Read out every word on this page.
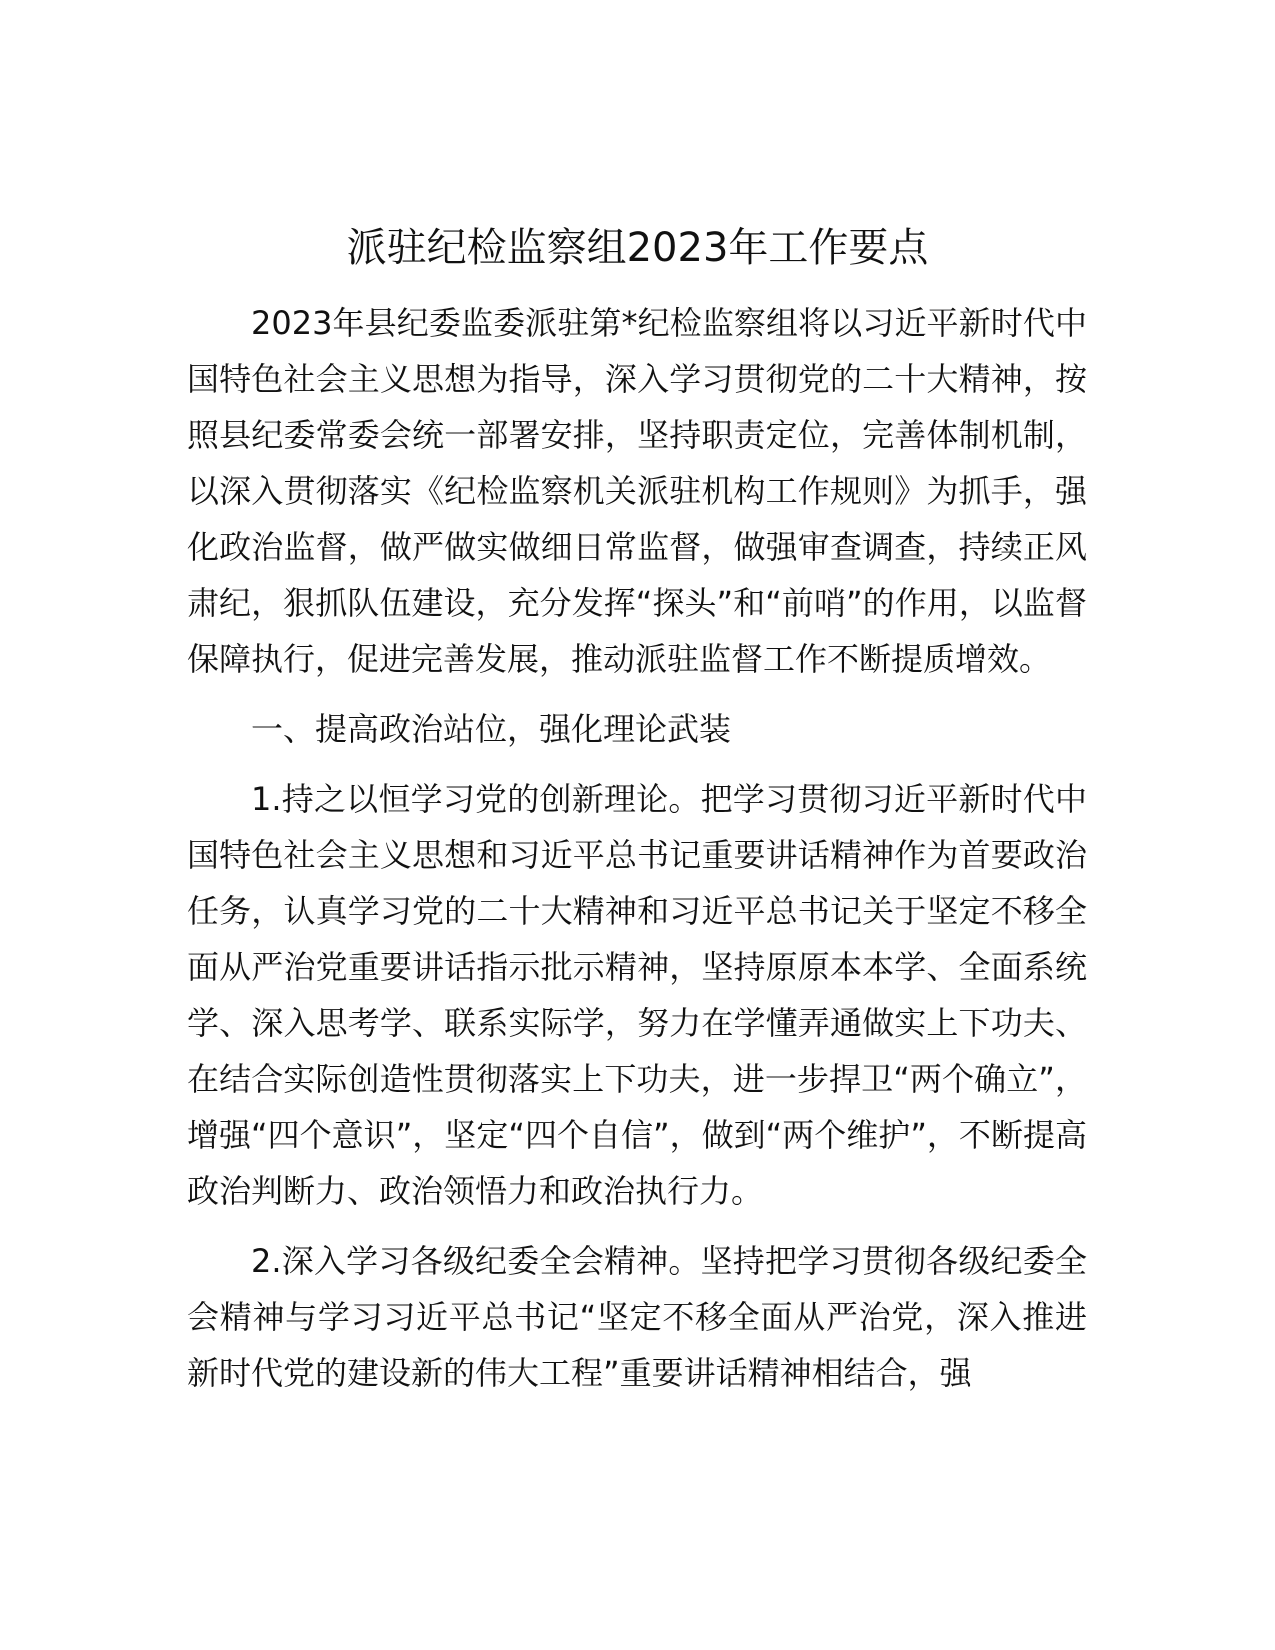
派驻纪检监察组2023年工作要点

2023年县纪委监委派驻第*纪检监察组将以习近平新时代中国特色社会主义思想为指导，深入学习贯彻党的二十大精神，按照县纪委常委会统一部署安排，坚持职责定位，完善体制机制，以深入贯彻落实《纪检监察机关派驻机构工作规则》为抓手，强化政治监督，做严做实做细日常监督，做强审查调查，持续正风肃纪，狠抓队伍建设，充分发挥“探头”和“前哨”的作用，以监督保障执行，促进完善发展，推动派驻监督工作不断提质增效。

一、提高政治站位，强化理论武装

1.持之以恒学习党的创新理论。把学习贯彻习近平新时代中国特色社会主义思想和习近平总书记重要讲话精神作为首要政治任务，认真学习党的二十大精神和习近平总书记关于坚定不移全面从严治党重要讲话指示批示精神，坚持原原本本学、全面系统学、深入思考学、联系实际学，努力在学懂弄通做实上下功夫、在结合实际创造性贯彻落实上下功夫，进一步捍卫“两个确立”，增强“四个意识”，坚定“四个自信”，做到“两个维护”，不断提高政治判断力、政治领悟力和政治执行力。

2.深入学习各级纪委全会精神。坚持把学习贯彻各级纪委全会精神与学习习近平总书记“坚定不移全面从严治党，深入推进新时代党的建设新的伟大工程”重要讲话精神相结合，强
